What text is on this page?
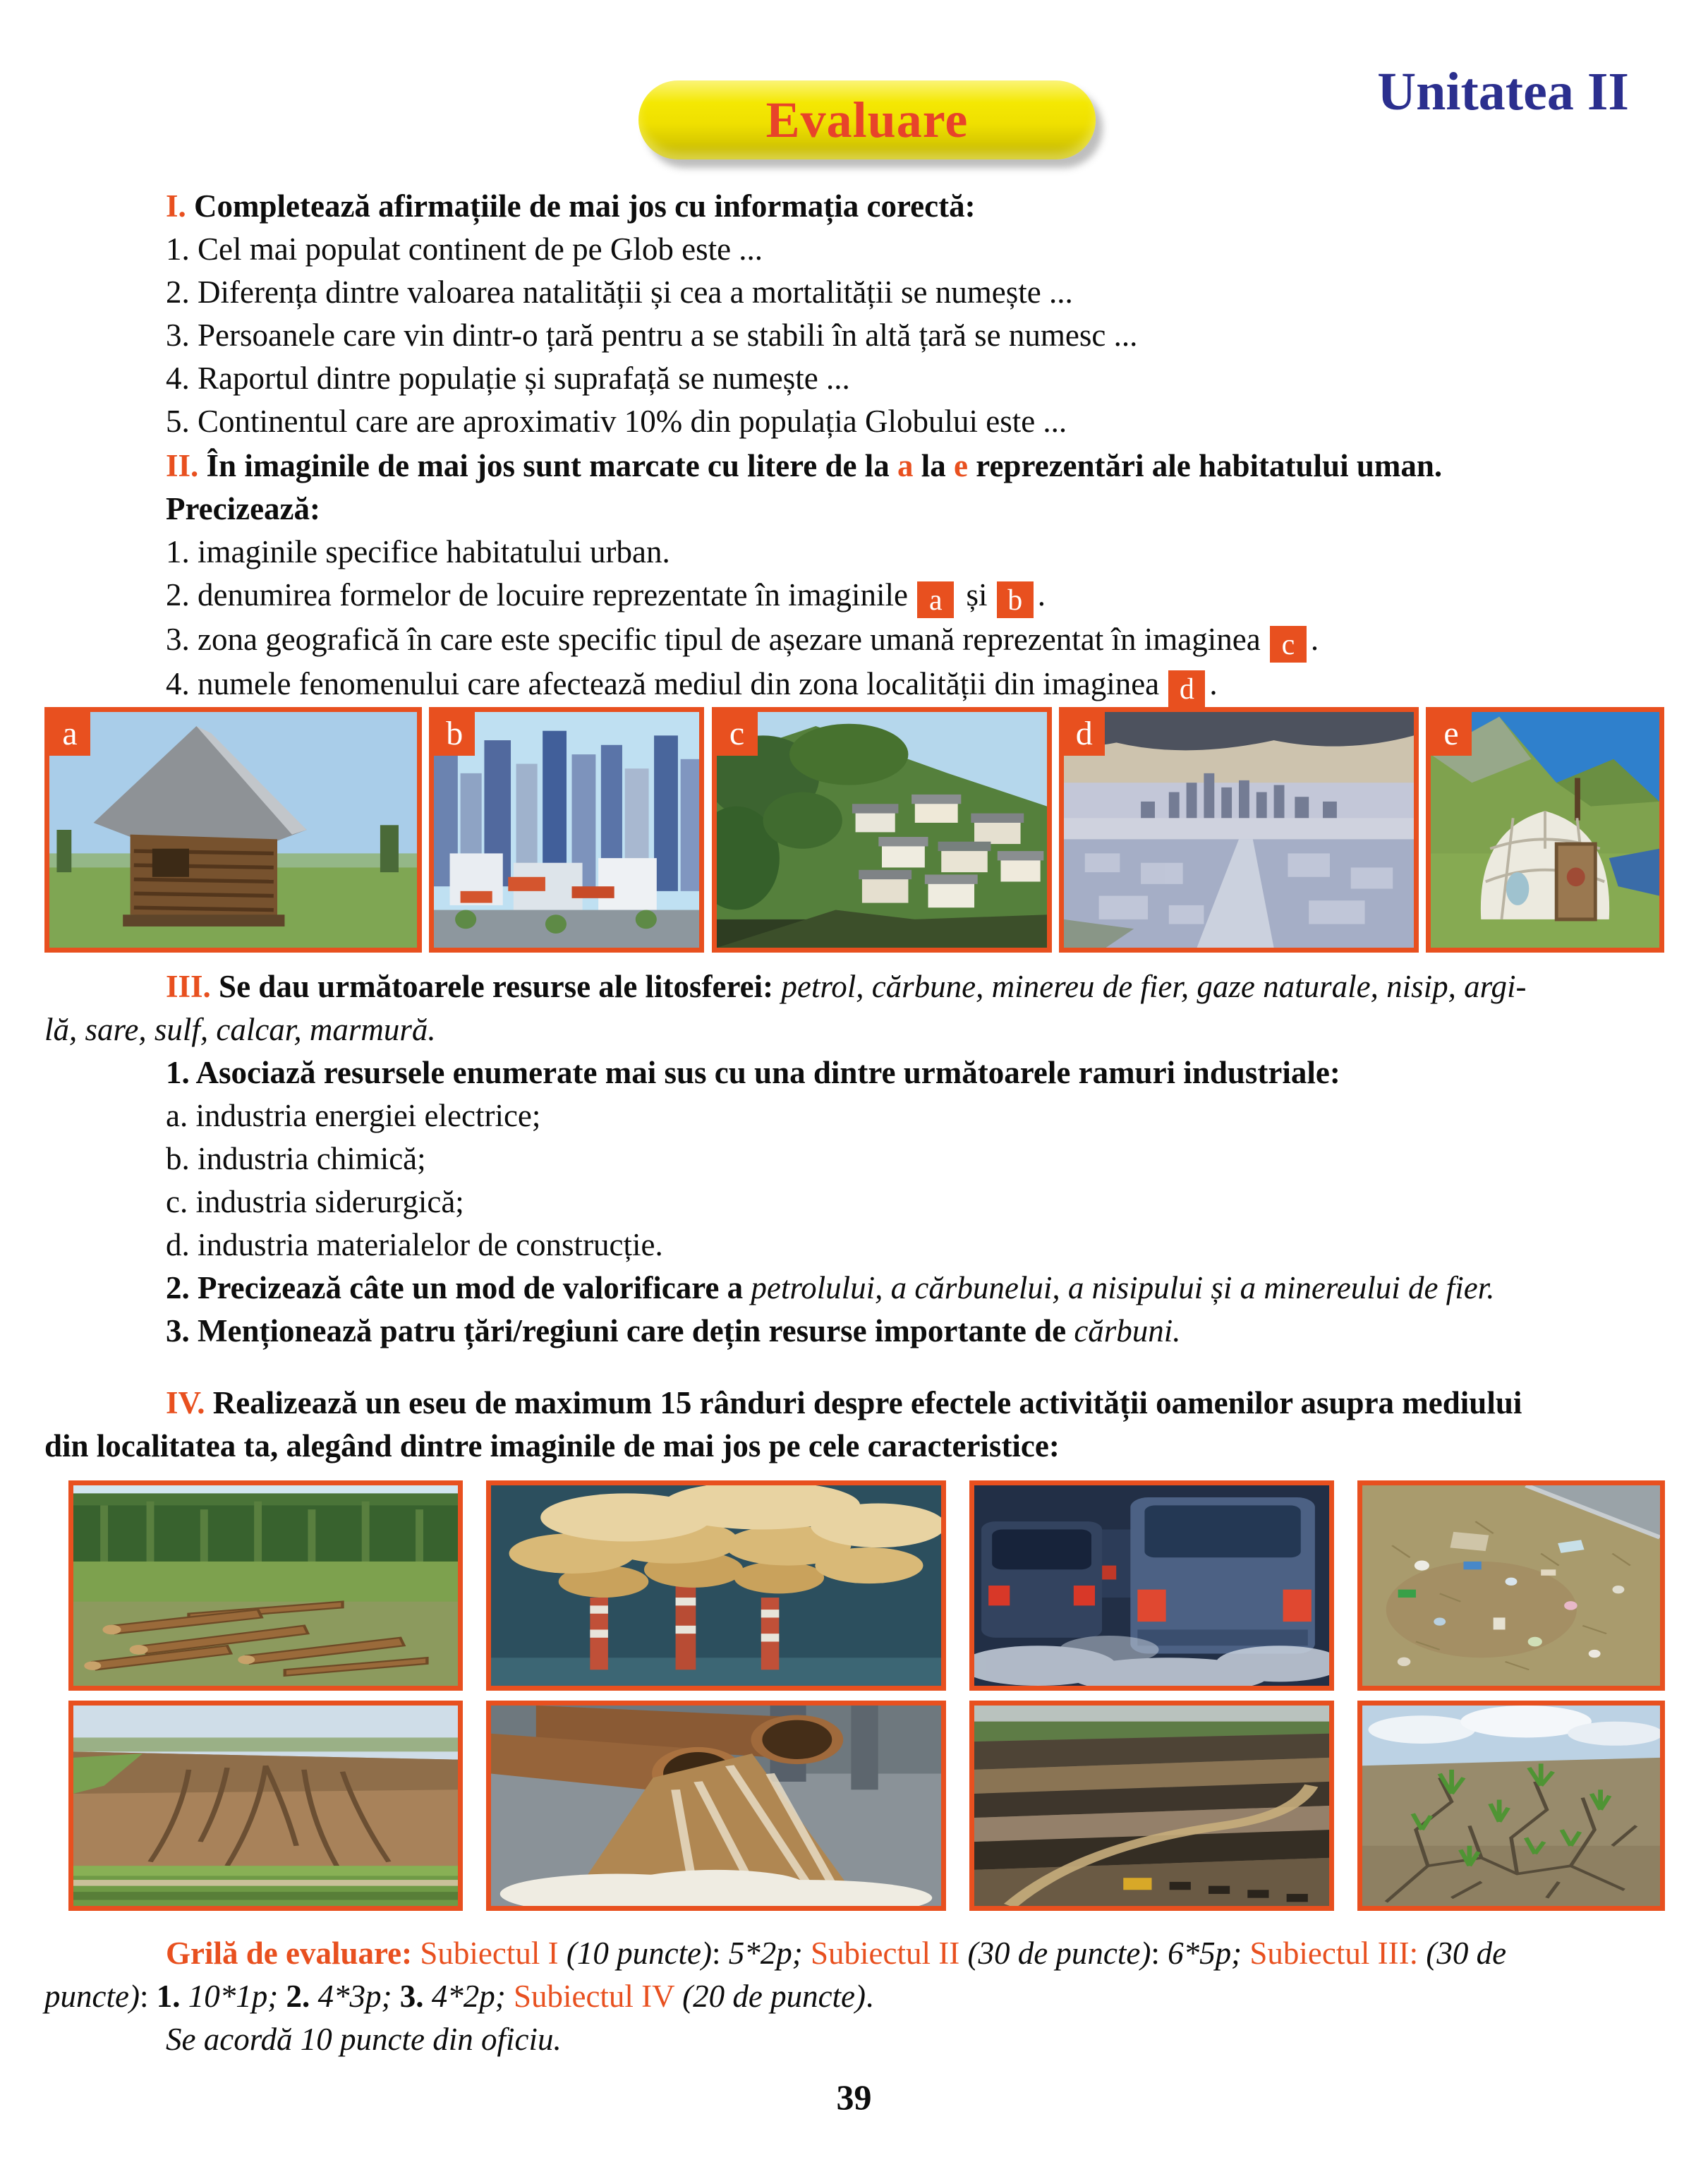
Evaluare	Unitatea II

I. Completează afirmațiile de mai jos cu informația corectă:

1. Cel mai populat continent de pe Glob este ...

2. Diferența dintre valoarea natalității și cea a mortalității se numește ...

3. Persoanele care vin dintr-o țară pentru a se stabili în altă țară se numesc ...

4. Raportul dintre populație și suprafață se numește ...

5. Continentul care are aproximativ 10% din populația Globului este ...

II. În imaginile de mai jos sunt marcate cu litere de la a la e reprezentări ale habitatului uman.

Precizează:

1. imaginile specifice habitatului urban.

2. denumirea formelor de locuire reprezentate în imaginile a și b .

3. zona geografică în care este specific tipul de așezare umană reprezentat în imaginea c .

4. numele fenomenului care afectează mediul din zona localității din imaginea d .

a	b	c	d	e

III. Se dau următoarele resurse ale litosferei: petrol, cărbune, minereu de fier, gaze naturale, nisip, argi-

lă, sare, sulf, calcar, marmură.

1. Asociază resursele enumerate mai sus cu una dintre următoarele ramuri industriale:

a. industria energiei electrice;

b. industria chimică;

c. industria siderurgică;

d. industria materialelor de construcție.

2. Precizează câte un mod de valorificare a petrolului, a cărbunelui, a nisipului și a minereului de fier.

3. Menționează patru țări/regiuni care dețin resurse importante de cărbuni.

IV. Realizează un eseu de maximum 15 rânduri despre efectele activității oamenilor asupra mediului

din localitatea ta, alegând dintre imaginile de mai jos pe cele caracteristice:

Grilă de evaluare: Subiectul I (10 puncte): 5*2p; Subiectul II (30 de puncte): 6*5p; Subiectul III: (30 de

puncte): 1. 10*1p; 2. 4*3p; 3. 4*2p; Subiectul IV (20 de puncte).

Se acordă 10 puncte din oficiu.

39
